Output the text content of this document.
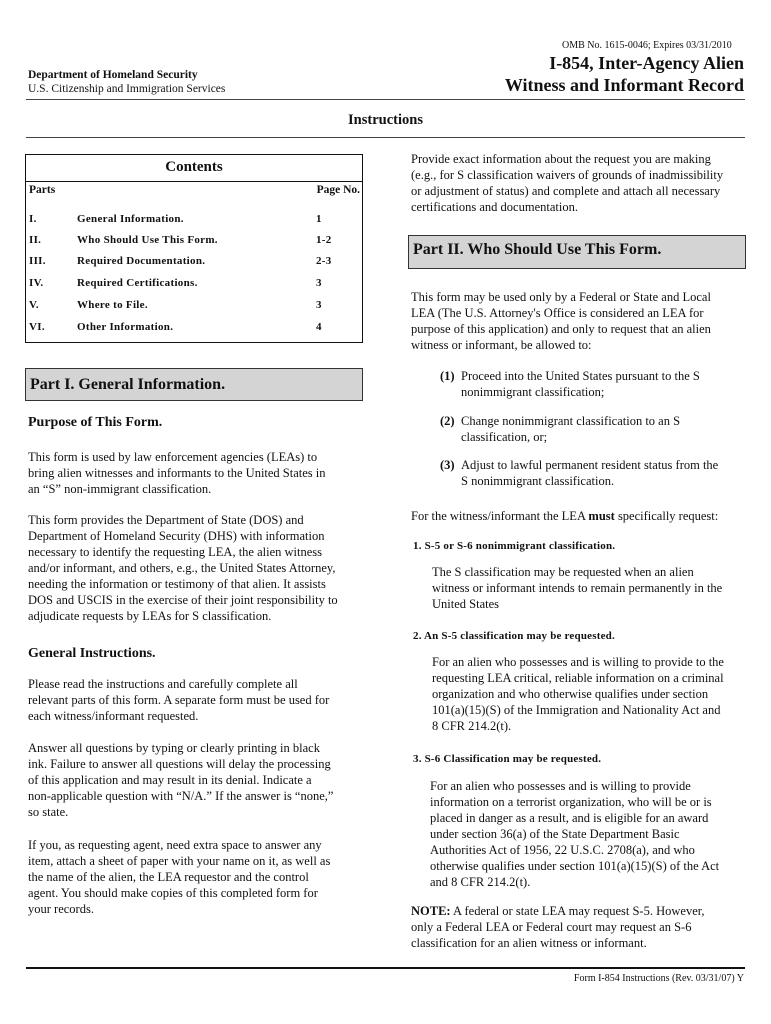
OMB No. 1615-0046; Expires 03/31/2010
Department of Homeland Security
U.S. Citizenship and Immigration Services
I-854, Inter-Agency Alien
Witness and Informant Record
Instructions
Contents
Parts	Page No.
I.	General Information.	1
II.	Who Should Use This Form.	1-2
III.	Required Documentation.	2-3
IV.	Required Certifications.	3
V.	Where to File.	3
VI.	Other Information.	4
Part I. General Information.
Purpose of This Form.

This form is used by law enforcement agencies (LEAs) to

bring alien witnesses and informants to the United States in

an “S” non-immigrant classification.

This form provides the Department of State (DOS) and

Department of Homeland Security (DHS) with information

necessary to identify the requesting LEA, the alien witness

and/or informant, and others, e.g., the United States Attorney,

needing the information or testimony of that alien. It assists

DOS and USCIS in the exercise of their joint responsibility to

adjudicate requests by LEAs for S classification.

General Instructions.

Please read the instructions and carefully complete all

relevant parts of this form. A separate form must be used for

each witness/informant requested.

Answer all questions by typing or clearly printing in black

ink. Failure to answer all questions will delay the processing

of this application and may result in its denial. Indicate a

non-applicable question with “N/A.” If the answer is “none,”

so state.

If you, as requesting agent, need extra space to answer any

item, attach a sheet of paper with your name on it, as well as

the name of the alien, the LEA requestor and the control

agent. You should make copies of this completed form for

your records.

Provide exact information about the request you are making

(e.g., for S classification waivers of grounds of inadmissibility

or adjustment of status) and complete and attach all necessary

certifications and documentation.

Part II. Who Should Use This Form.

This form may be used only by a Federal or State and Local

LEA (The U.S. Attorney's Office is considered an LEA for

purpose of this application) and only to request that an alien

witness or informant, be allowed to:

(1) Proceed into the United States pursuant to the S

nonimmigrant classification;

(2) Change nonimmigrant classification to an S

classification, or;

(3) Adjust to lawful permanent resident status from the

S nonimmigrant classification.

For the witness/informant the LEA must specifically request:

1. S-5 or S-6 nonimmigrant classification.

The S classification may be requested when an alien

witness or informant intends to remain permanently in the

United States

2. An S-5 classification may be requested.

For an alien who possesses and is willing to provide to the

requesting LEA critical, reliable information on a criminal

organization and who otherwise qualifies under section

101(a)(15)(S) of the Immigration and Nationality Act and

8 CFR 214.2(t).

3. S-6 Classification may be requested.

For an alien who possesses and is willing to provide

information on a terrorist organization, who will be or is

placed in danger as a result, and is eligible for an award

under section 36(a) of the State Department Basic

Authorities Act of 1956, 22 U.S.C. 2708(a), and who

otherwise qualifies under section 101(a)(15)(S) of the Act

and 8 CFR 214.2(t).

NOTE: A federal or state LEA may request S-5. However,

only a Federal LEA or Federal court may request an S-6

classification for an alien witness or informant.

Form I-854 Instructions (Rev. 03/31/07) Y
